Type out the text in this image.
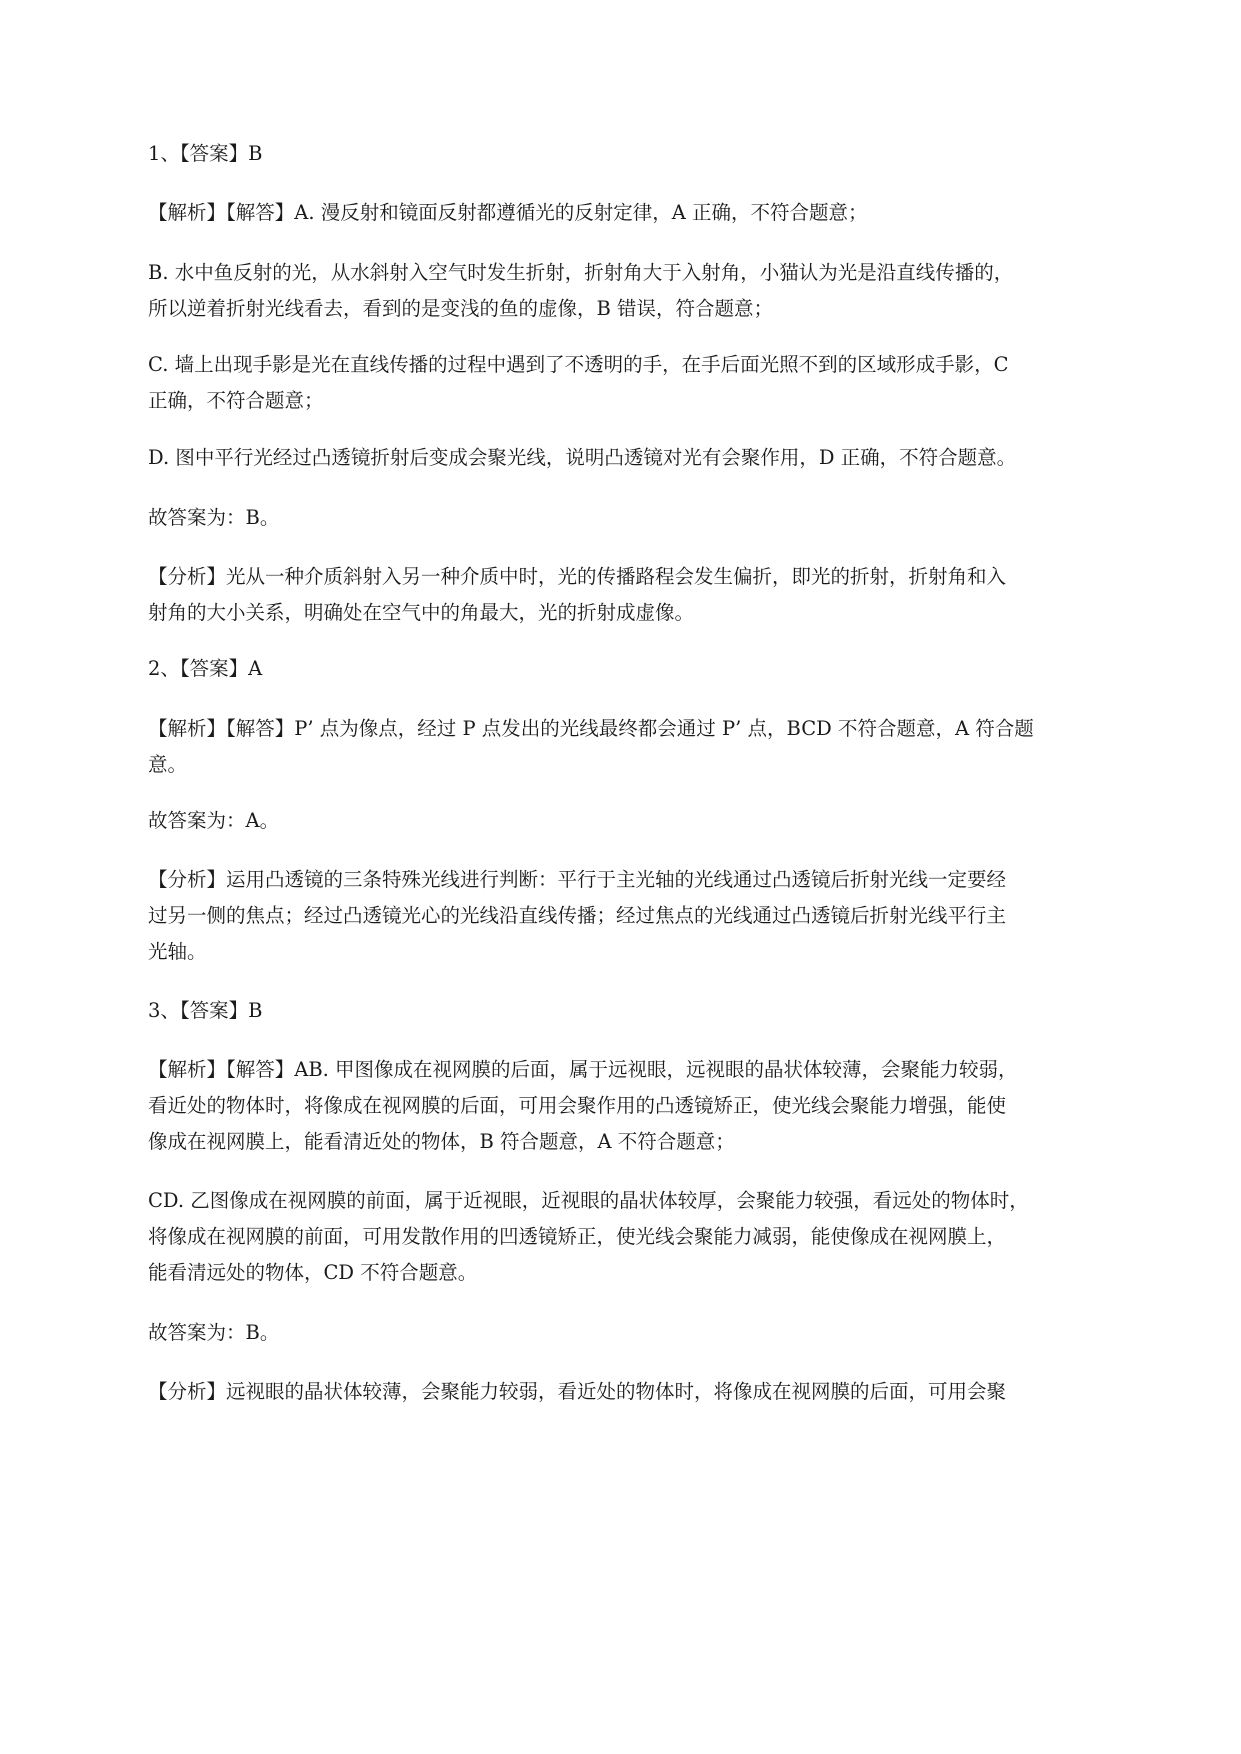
1、【答案】B

【解析】【解答】A. 漫反射和镜面反射都遵循光的反射定律，A 正确，不符合题意；

B. 水中鱼反射的光，从水斜射入空气时发生折射，折射角大于入射角，小猫认为光是沿直线传播的，
所以逆着折射光线看去，看到的是变浅的鱼的虚像，B 错误，符合题意；

C. 墙上出现手影是光在直线传播的过程中遇到了不透明的手，在手后面光照不到的区域形成手影，C
正确，不符合题意；

D. 图中平行光经过凸透镜折射后变成会聚光线，说明凸透镜对光有会聚作用，D 正确，不符合题意。

故答案为：B。

【分析】光从一种介质斜射入另一种介质中时，光的传播路程会发生偏折，即光的折射，折射角和入
射角的大小关系，明确处在空气中的角最大，光的折射成虚像。

2、【答案】A

【解析】【解答】P’ 点为像点，经过 P 点发出的光线最终都会通过 P’ 点，BCD 不符合题意，A 符合题
意。

故答案为：A。

【分析】运用凸透镜的三条特殊光线进行判断：平行于主光轴的光线通过凸透镜后折射光线一定要经
过另一侧的焦点；经过凸透镜光心的光线沿直线传播；经过焦点的光线通过凸透镜后折射光线平行主
光轴。

3、【答案】B

【解析】【解答】AB. 甲图像成在视网膜的后面，属于远视眼，远视眼的晶状体较薄，会聚能力较弱，
看近处的物体时，将像成在视网膜的后面，可用会聚作用的凸透镜矫正，使光线会聚能力增强，能使
像成在视网膜上，能看清近处的物体，B 符合题意，A 不符合题意；

CD. 乙图像成在视网膜的前面，属于近视眼，近视眼的晶状体较厚，会聚能力较强，看远处的物体时，
将像成在视网膜的前面，可用发散作用的凹透镜矫正，使光线会聚能力减弱，能使像成在视网膜上，
能看清远处的物体，CD 不符合题意。

故答案为：B。

【分析】远视眼的晶状体较薄，会聚能力较弱，看近处的物体时，将像成在视网膜的后面，可用会聚
